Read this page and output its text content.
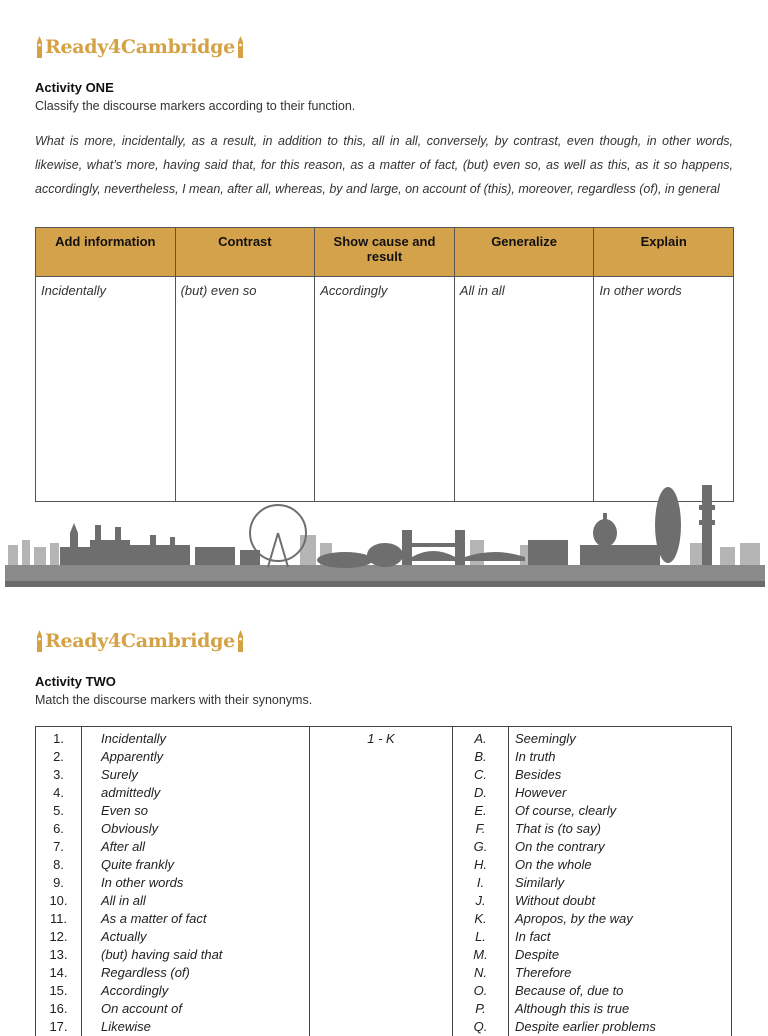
Ready4Cambridge
Activity ONE
Classify the discourse markers according to their function.
What is more, incidentally, as a result, in addition to this, all in all, conversely, by contrast, even though, in other words, likewise, what’s more, having said that, for this reason, as a matter of fact, (but) even so, as well as this, as it so happens, accordingly, nevertheless, I mean, after all, whereas, by and large, on account of (this), moreover, regardless (of), in general
Add information	Contrast	Show cause and result	Generalize	Explain
Incidentally	(but) even so	Accordingly	All in all	In other words
Ready4Cambridge
Activity TWO
Match the discourse markers with their synonyms.
1.	Incidentally	1 - K	A.	Seemingly
2.	Apparently		B.	In truth
3.	Surely		C.	Besides
4.	admittedly		D.	However
5.	Even so		E.	Of course, clearly
6.	Obviously		F.	That is (to say)
7.	After all		G.	On the contrary
8.	Quite frankly		H.	On the whole
9.	In other words		I.	Similarly
10.	All in all		J.	Without doubt
11.	As a matter of fact		K.	Apropos, by the way
12.	Actually		L.	In fact
13.	(but) having said that		M.	Despite
14.	Regardless (of)		N.	Therefore
15.	Accordingly		O.	Because of, due to
16.	On account of		P.	Although this is true
17.	Likewise		Q.	Despite earlier problems
